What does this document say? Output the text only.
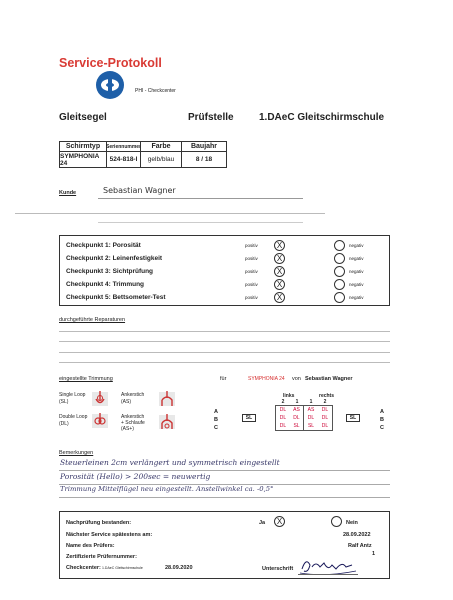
Service-Protokoll
PHI - Checkcenter
Gleitsegel	Prüfstelle	1.DAeC Gleitschirmschule
Schirmtyp	Seriennummer	Farbe	Baujahr
SYMPHONIA 24	524-818-I	gelb/blau	8 / 18
Kunde	Sebastian Wagner
Checkpunkt 1: Porosität	positiv X	negativ
Checkpunkt 2: Leinenfestigkeit	positiv X	negativ
Checkpunkt 3: Sichtprüfung	positiv X	negativ
Checkpunkt 4: Trimmung	positiv X	negativ
Checkpunkt 5: Bettsometer-Test	positiv X	negativ
durchgeführte Reparaturen
eingestellte Trimmung	für	SYMPHONIA 24 von Sebastian Wagner
Single Loop
(SL)
Ankerstich
(AS)
Double Loop
(DL)
Ankerstich
+ Schlaufe
(AS+)
A
B
C
A
B
C
SL	SL
links	rechts
2	1	1	2
DL	AS	AS	DL
DL	DL	DL	DL
DL	SL	SL	DL
Bemerkungen
Steuerleinen 2cm verlängert und symmetrisch eingestellt
Porosität (Hello) > 200sec = neuwertig
Trimmung Mittelflügel neu eingestellt. Anstellwinkel ca. -0,5°
Nachprüfung bestanden:	Ja X	Nein
Nächster Service spätestens am:	28.09.2022
Name des Prüfers:	Ralf Antz
Zertifizierte Prüfernummer:	1
Checkcenter: 1.DAeC Gleitschirmschule	28.09.2020	Unterschrift
